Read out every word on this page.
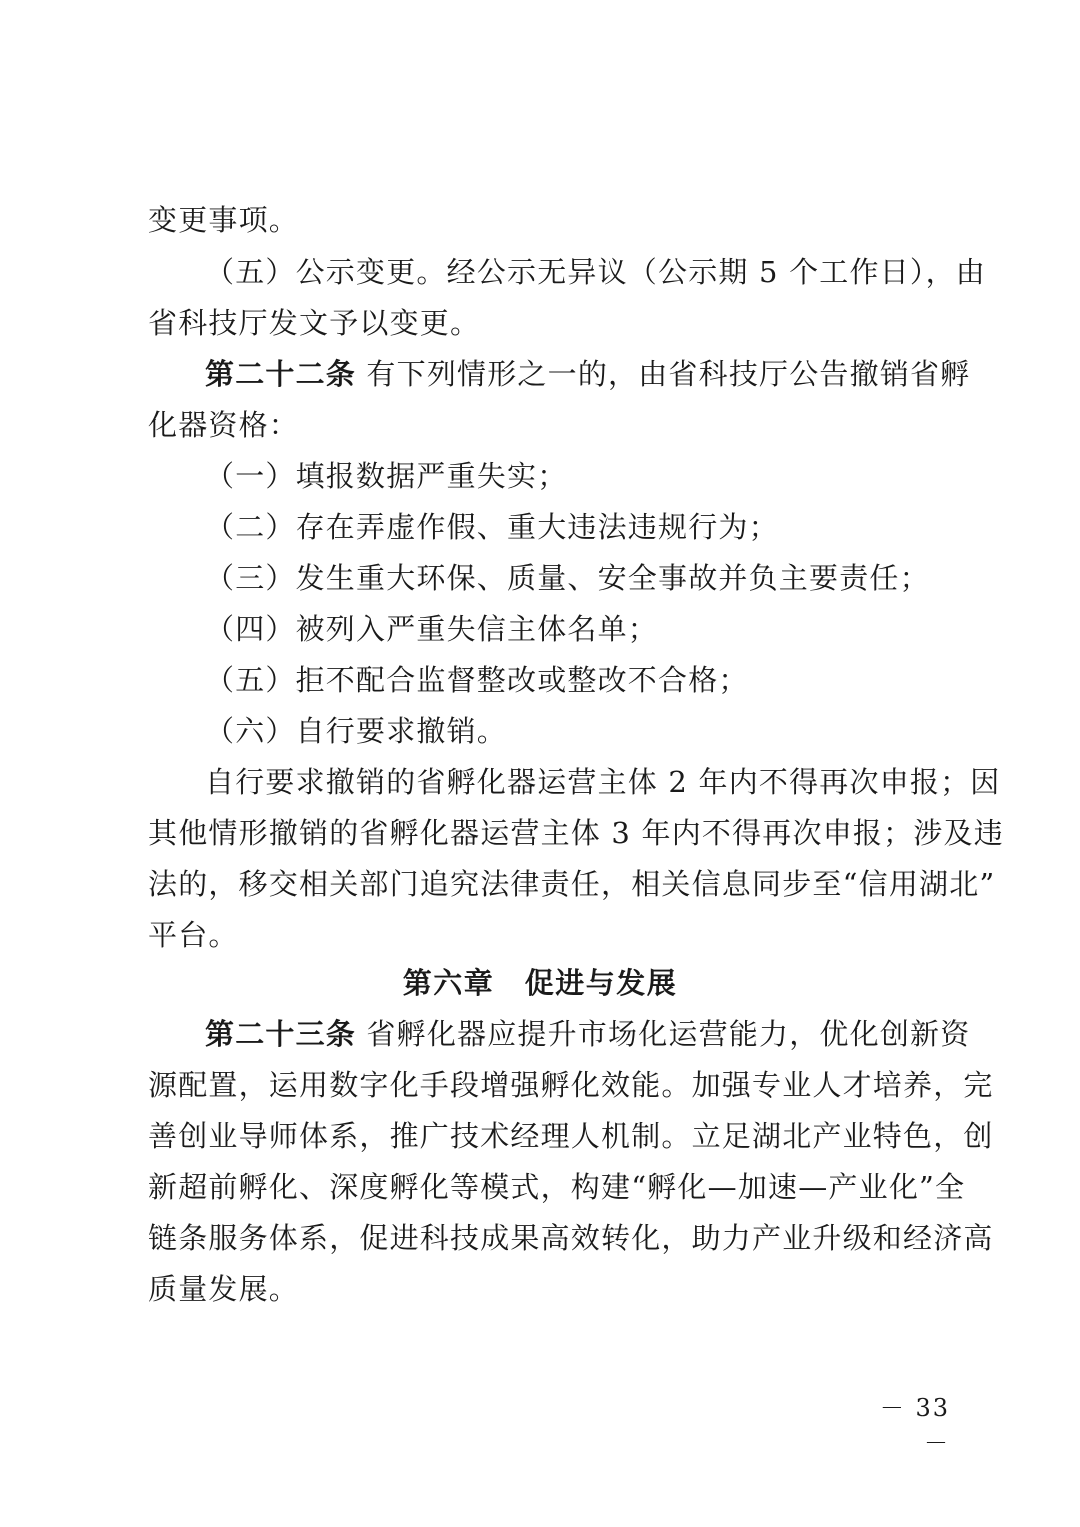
变更事项。
（五）公示变更。经公示无异议（公示期 5 个工作日），由
省科技厅发文予以变更。
第二十二条 有下列情形之一的，由省科技厅公告撤销省孵
化器资格：
（一）填报数据严重失实；
（二）存在弄虚作假、重大违法违规行为；
（三）发生重大环保、质量、安全事故并负主要责任；
（四）被列入严重失信主体名单；
（五）拒不配合监督整改或整改不合格；
（六）自行要求撤销。
自行要求撤销的省孵化器运营主体 2 年内不得再次申报；因
其他情形撤销的省孵化器运营主体 3 年内不得再次申报；涉及违
法的，移交相关部门追究法律责任，相关信息同步至“信用湖北”
平台。
第六章　促进与发展
第二十三条 省孵化器应提升市场化运营能力，优化创新资
源配置，运用数字化手段增强孵化效能。加强专业人才培养，完
善创业导师体系，推广技术经理人机制。立足湖北产业特色，创
新超前孵化、深度孵化等模式，构建“孵化—加速—产业化”全
链条服务体系，促进科技成果高效转化，助力产业升级和经济高
质量发展。
－ 33 －
